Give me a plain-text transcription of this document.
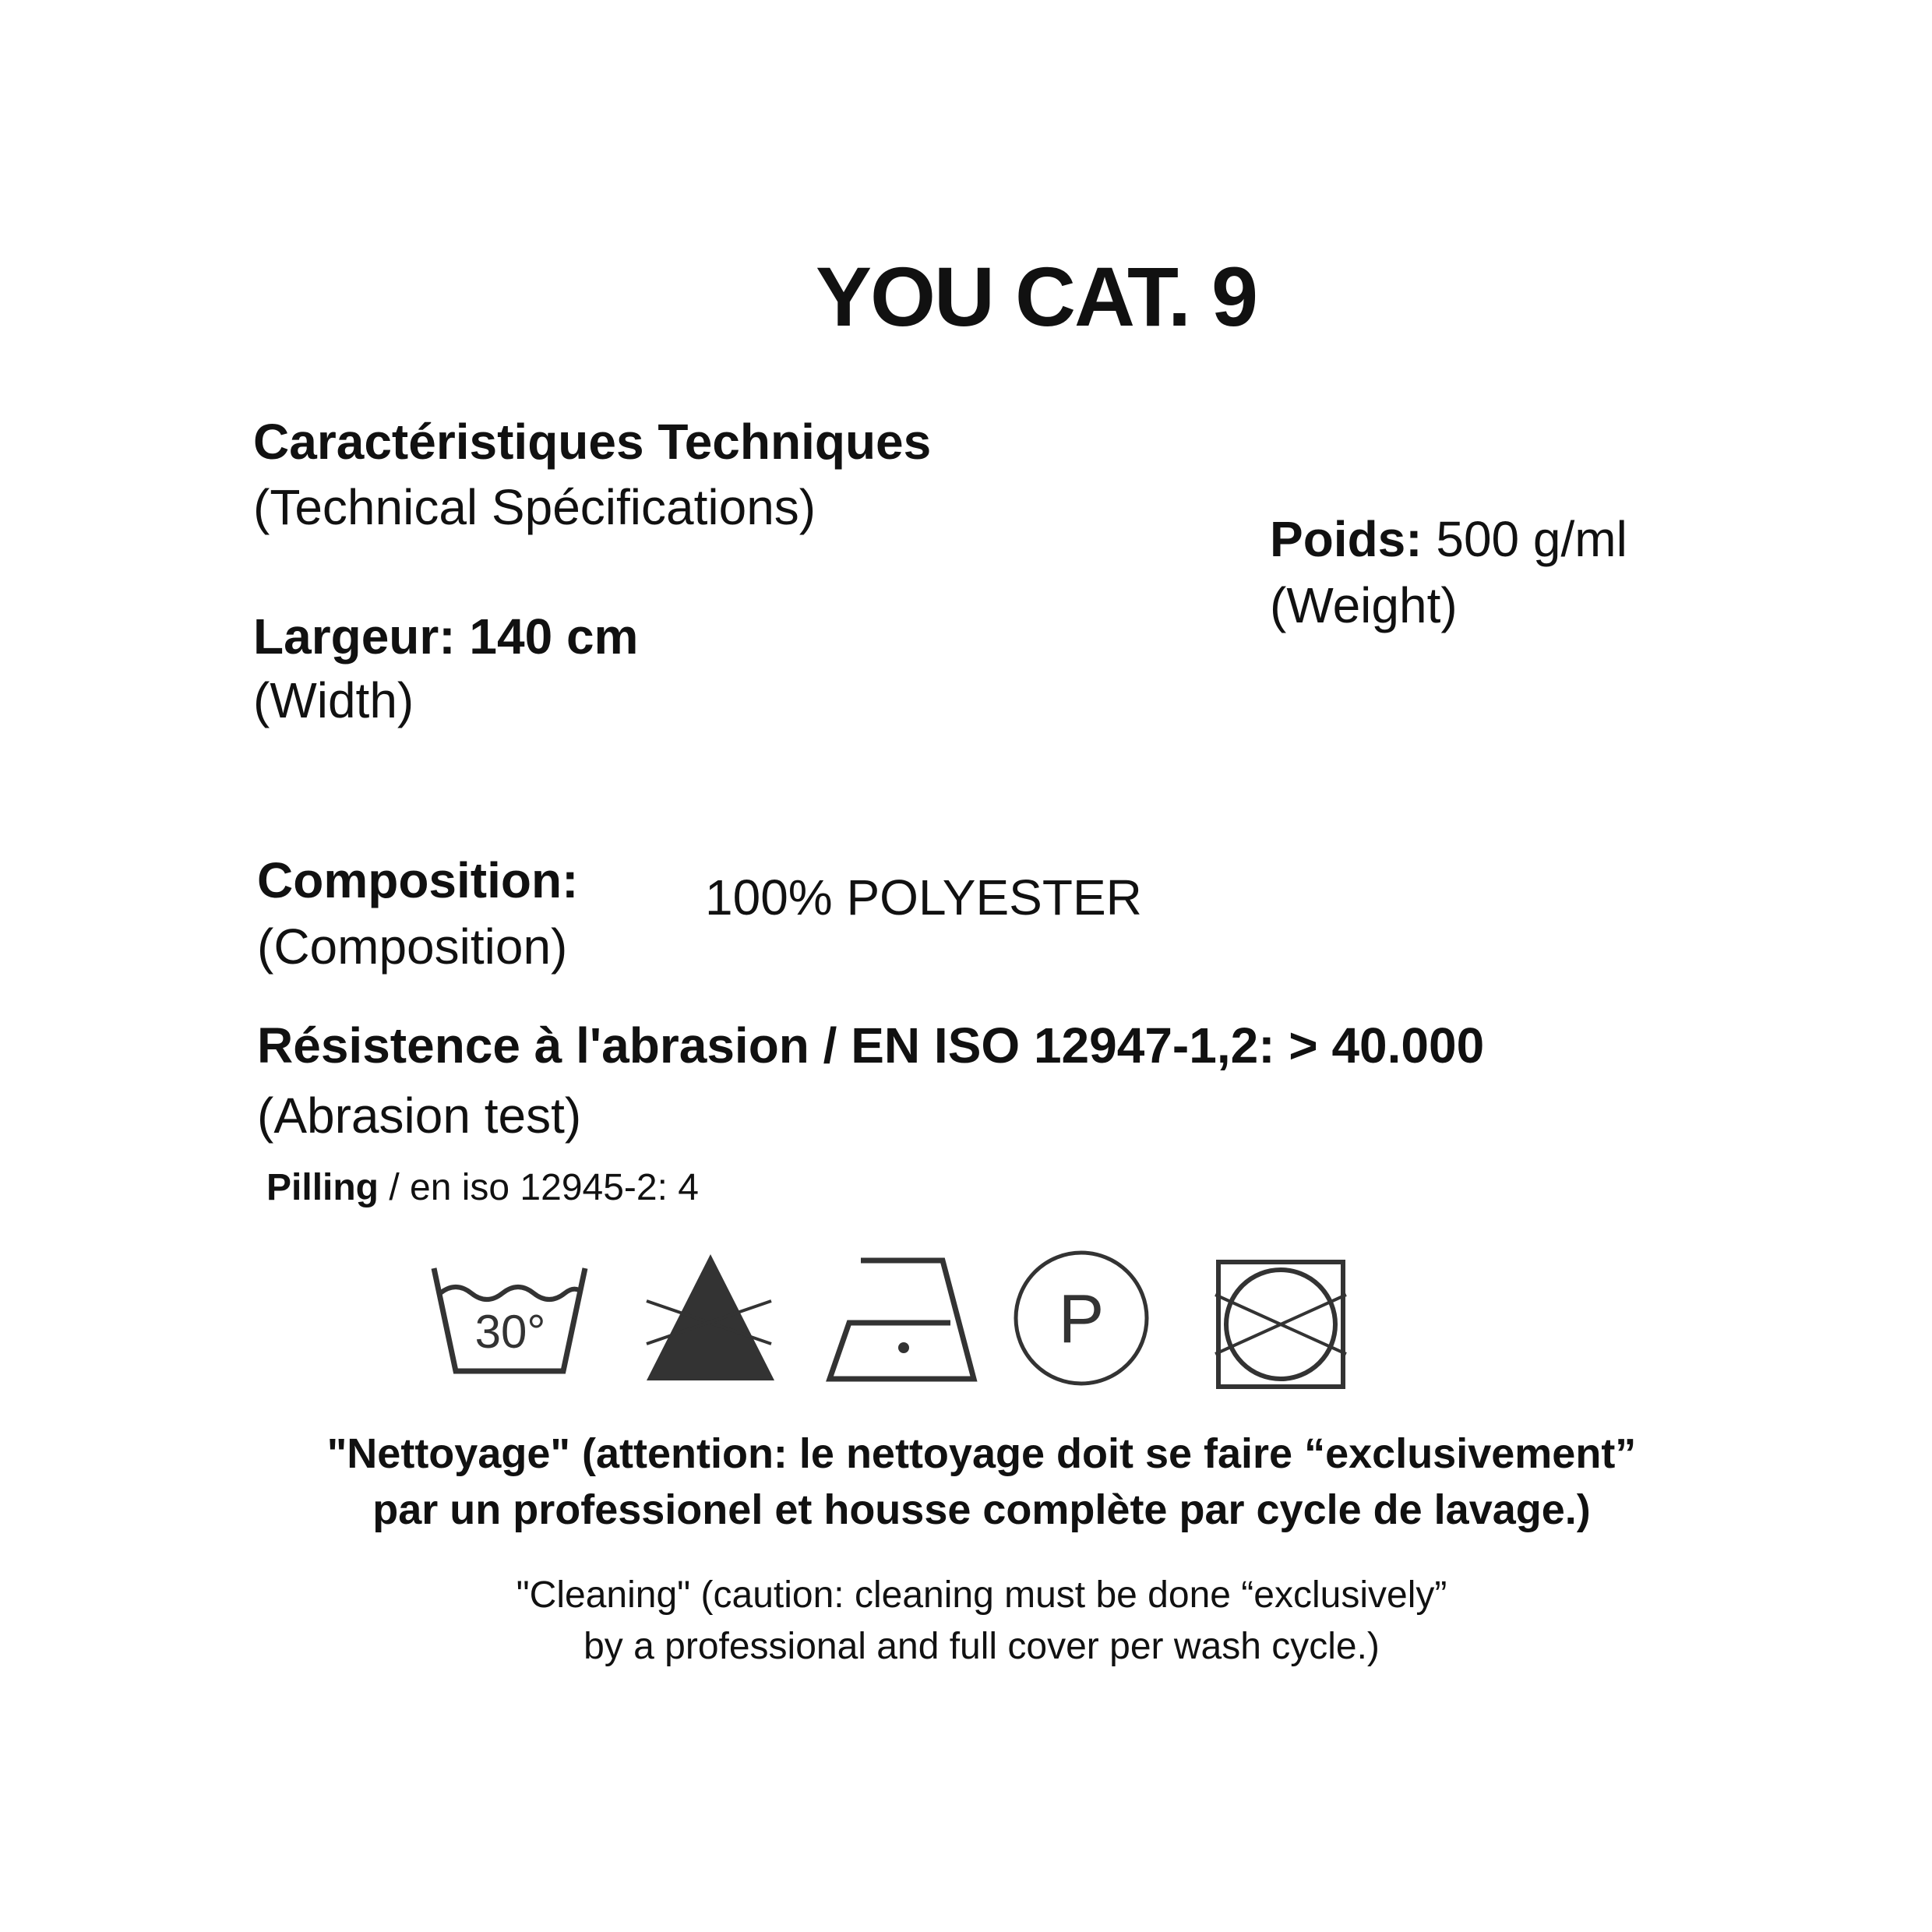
YOU CAT. 9
Caractéristiques Techniques
(Technical Spécifications)
Poids: 500 g/ml
(Weight)
Largeur: 140 cm
(Width)
Composition:
(Composition)
100% POLYESTER
Résistence à l'abrasion / EN ISO 12947-1,2: > 40.000
(Abrasion test)
Pilling / en iso 12945-2: 4
30°	P
"Nettoyage" (attention: le nettoyage doit se faire “exclusivement”
par un professionel et housse complète par cycle de lavage.)
"Cleaning" (caution: cleaning must be done “exclusively”
by a professional and full cover per wash cycle.)
